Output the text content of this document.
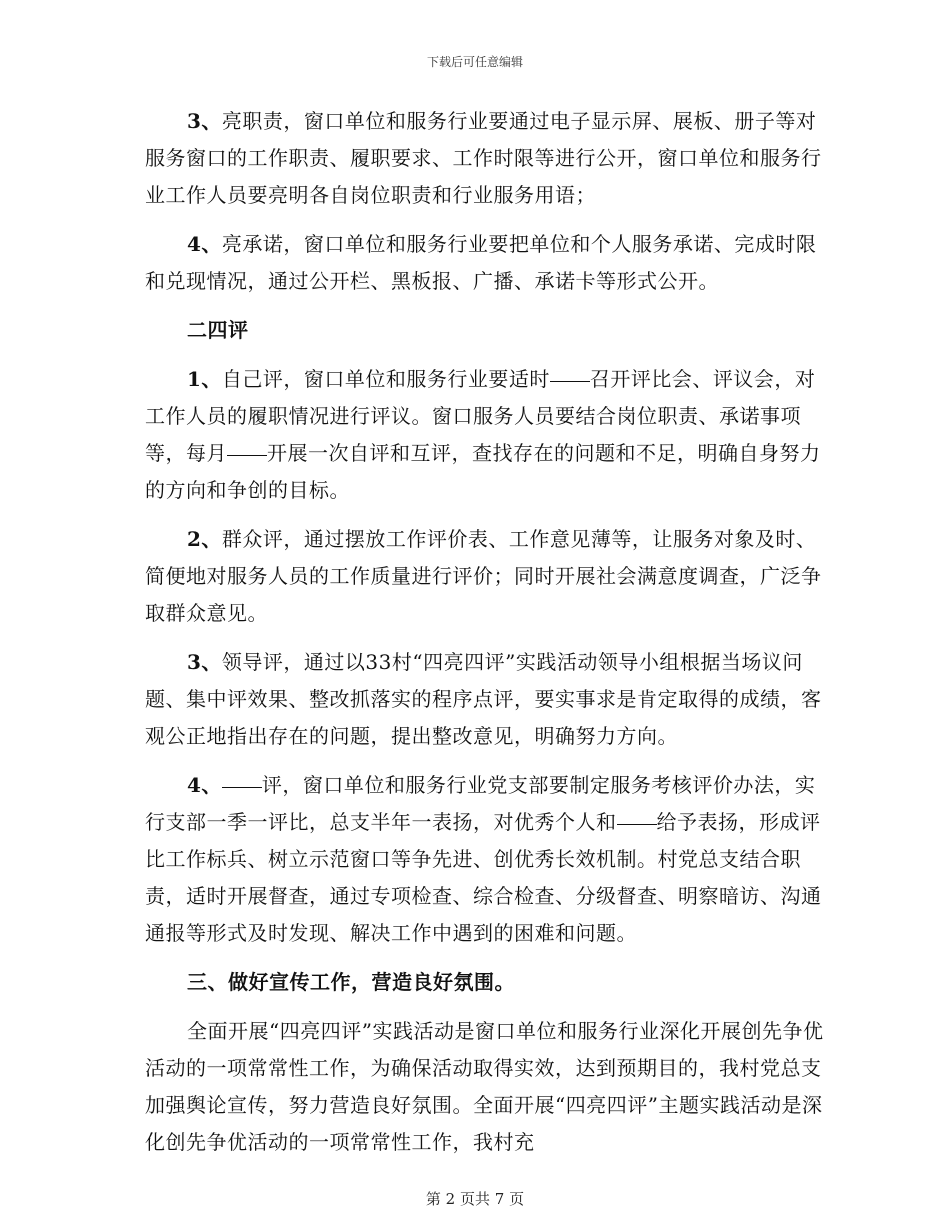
下载后可任意编辑

3、亮职责，窗口单位和服务行业要通过电子显示屏、展板、册子等对服务窗口的工作职责、履职要求、工作时限等进行公开，窗口单位和服务行业工作人员要亮明各自岗位职责和行业服务用语；

4、亮承诺，窗口单位和服务行业要把单位和个人服务承诺、完成时限和兑现情况，通过公开栏、黑板报、广播、承诺卡等形式公开。

二四评

1、自己评，窗口单位和服务行业要适时 召开评比会、评议会，对工作人员的履职情况进行评议。窗口服务人员要结合岗位职责、承诺事项等，每月 开展一次自评和互评，查找存在的问题和不足，明确自身努力的方向和争创的目标。

2、群众评，通过摆放工作评价表、工作意见薄等，让服务对象及时、简便地对服务人员的工作质量进行评价；同时开展社会满意度调查，广泛争取群众意见。

3、领导评，通过以33村“四亮四评”实践活动领导小组根据当场议问题、集中评效果、整改抓落实的程序点评，要实事求是肯定取得的成绩，客观公正地指出存在的问题，提出整改意见，明确努力方向。

4、 评，窗口单位和服务行业党支部要制定服务考核评价办法，实行支部一季一评比，总支半年一表扬，对优秀个人和 给予表扬，形成评比工作标兵、树立示范窗口等争先进、创优秀长效机制。村党总支结合职责，适时开展督查，通过专项检查、综合检查、分级督查、明察暗访、沟通通报等形式及时发现、解决工作中遇到的困难和问题。

三、做好宣传工作，营造良好氛围。

全面开展“四亮四评”实践活动是窗口单位和服务行业深化开展创先争优活动的一项常常性工作，为确保活动取得实效，达到预期目的，我村党总支加强舆论宣传，努力营造良好氛围。全面开展“四亮四评”主题实践活动是深化创先争优活动的一项常常性工作，我村充

第 2 页共 7 页
